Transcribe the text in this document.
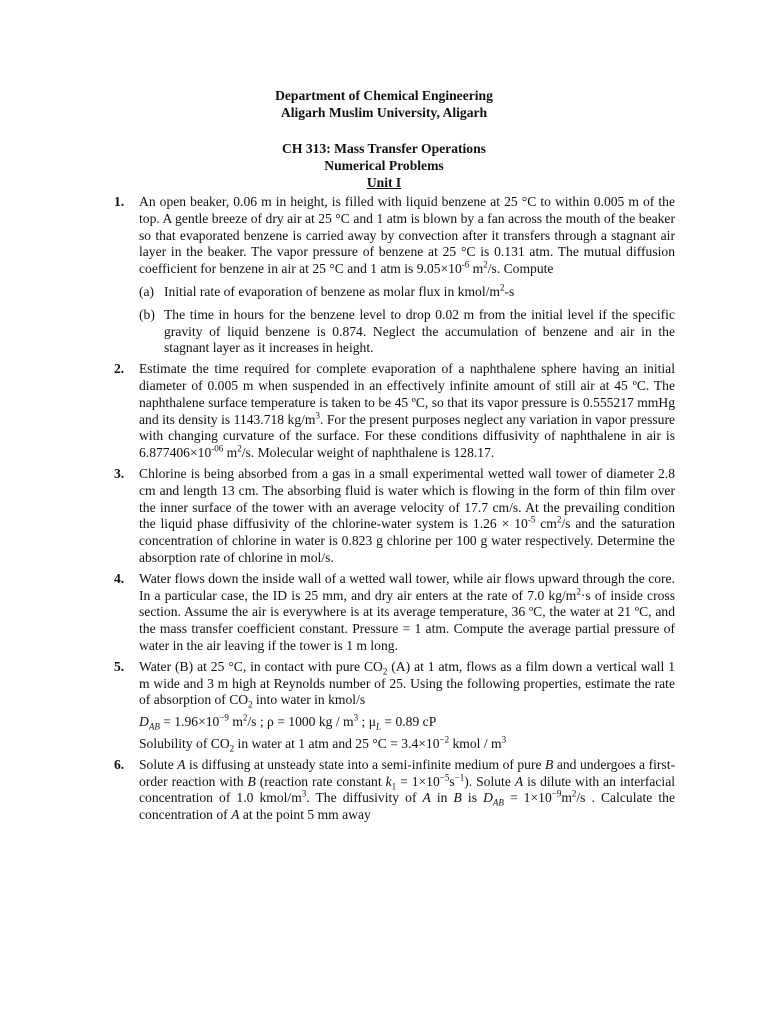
Department of Chemical Engineering
Aligarh Muslim University, Aligarh
CH 313: Mass Transfer Operations
Numerical Problems
Unit I
1. An open beaker, 0.06 m in height, is filled with liquid benzene at 25 °C to within 0.005 m of the top. A gentle breeze of dry air at 25 °C and 1 atm is blown by a fan across the mouth of the beaker so that evaporated benzene is carried away by convection after it transfers through a stagnant air layer in the beaker. The vapor pressure of benzene at 25 °C is 0.131 atm. The mutual diffusion coefficient for benzene in air at 25 °C and 1 atm is $9.05\times 10^{-6}$ $m^2/s$. Compute
(a) Initial rate of evaporation of benzene as molar flux in kmol/$m^2-s$
(b) The time in hours for the benzene level to drop 0.02 m from the initial level if the specific gravity of liquid benzene is 0.874. Neglect the accumulation of benzene and air in the stagnant layer as it increases in height.
2. Estimate the time required for complete evaporation of a naphthalene sphere having an initial diameter of 0.005 m when suspended in an effectively infinite amount of still air at 45 ºC. The naphthalene surface temperature is taken to be 45 ºC, so that its vapor pressure is 0.555217 mmHg and its density is 1143.718 $kg/m^3$. For the present purposes neglect any variation in vapor pressure with changing curvature of the surface. For these conditions diffusivity of naphthalene in air is $6.877406\times 10^{-06}$ $m^2/s$. Molecular weight of naphthalene is 128.17.
3. Chlorine is being absorbed from a gas in a small experimental wetted wall tower of diameter 2.8 cm and length 13 cm. The absorbing fluid is water which is flowing in the form of thin film over the inner surface of the tower with an average velocity of 17.7 cm/s. At the prevailing condition the liquid phase diffusivity of the chlorine-water system is $1.26 \times 10^{-5}$ $cm^2/s$ and the saturation concentration of chlorine in water is 0.823 g chlorine per 100 g water respectively. Determine the absorption rate of chlorine in mol/s.
4. Water flows down the inside wall of a wetted wall tower, while air flows upward through the core. In a particular case, the ID is 25 mm, and dry air enters at the rate of 7.0 $kg/m^2\cdot s$ of inside cross section. Assume the air is everywhere is at its average temperature, 36 ºC, the water at 21 ºC, and the mass transfer coefficient constant. Pressure = 1 atm. Compute the average partial pressure of water in the air leaving if the tower is 1 m long.
5. Water (B) at 25 °C, in contact with pure $CO_2$ (A) at 1 atm, flows as a film down a vertical wall 1 m wide and 3 m high at Reynolds number of 25. Using the following properties, estimate the rate of absorption of $CO_2$ into water in kmol/s
$D_{AB} = 1.96\times 10^{-9}$ $m^2/s$ ; ρ = 1000 kg / $m^3$ ; $\mu_L = 0.89$ cP
Solubility of $CO_2$ in water at 1 atm and 25 $^\circ C = 3.4\times 10^{-2}$ kmol / $m^3$
6. Solute A is diffusing at unsteady state into a semi-infinite medium of pure B and undergoes a first-order reaction with B (reaction rate constant $k_1 = 1\times 10^{-5}s^{-1}$). Solute A is dilute with an interfacial concentration of 1.0 kmol/$m^3$. The diffusivity of A in B is $D_{AB} = 1\times 10^{-9}m^2/s$ . Calculate the concentration of A at the point 5 mm away
